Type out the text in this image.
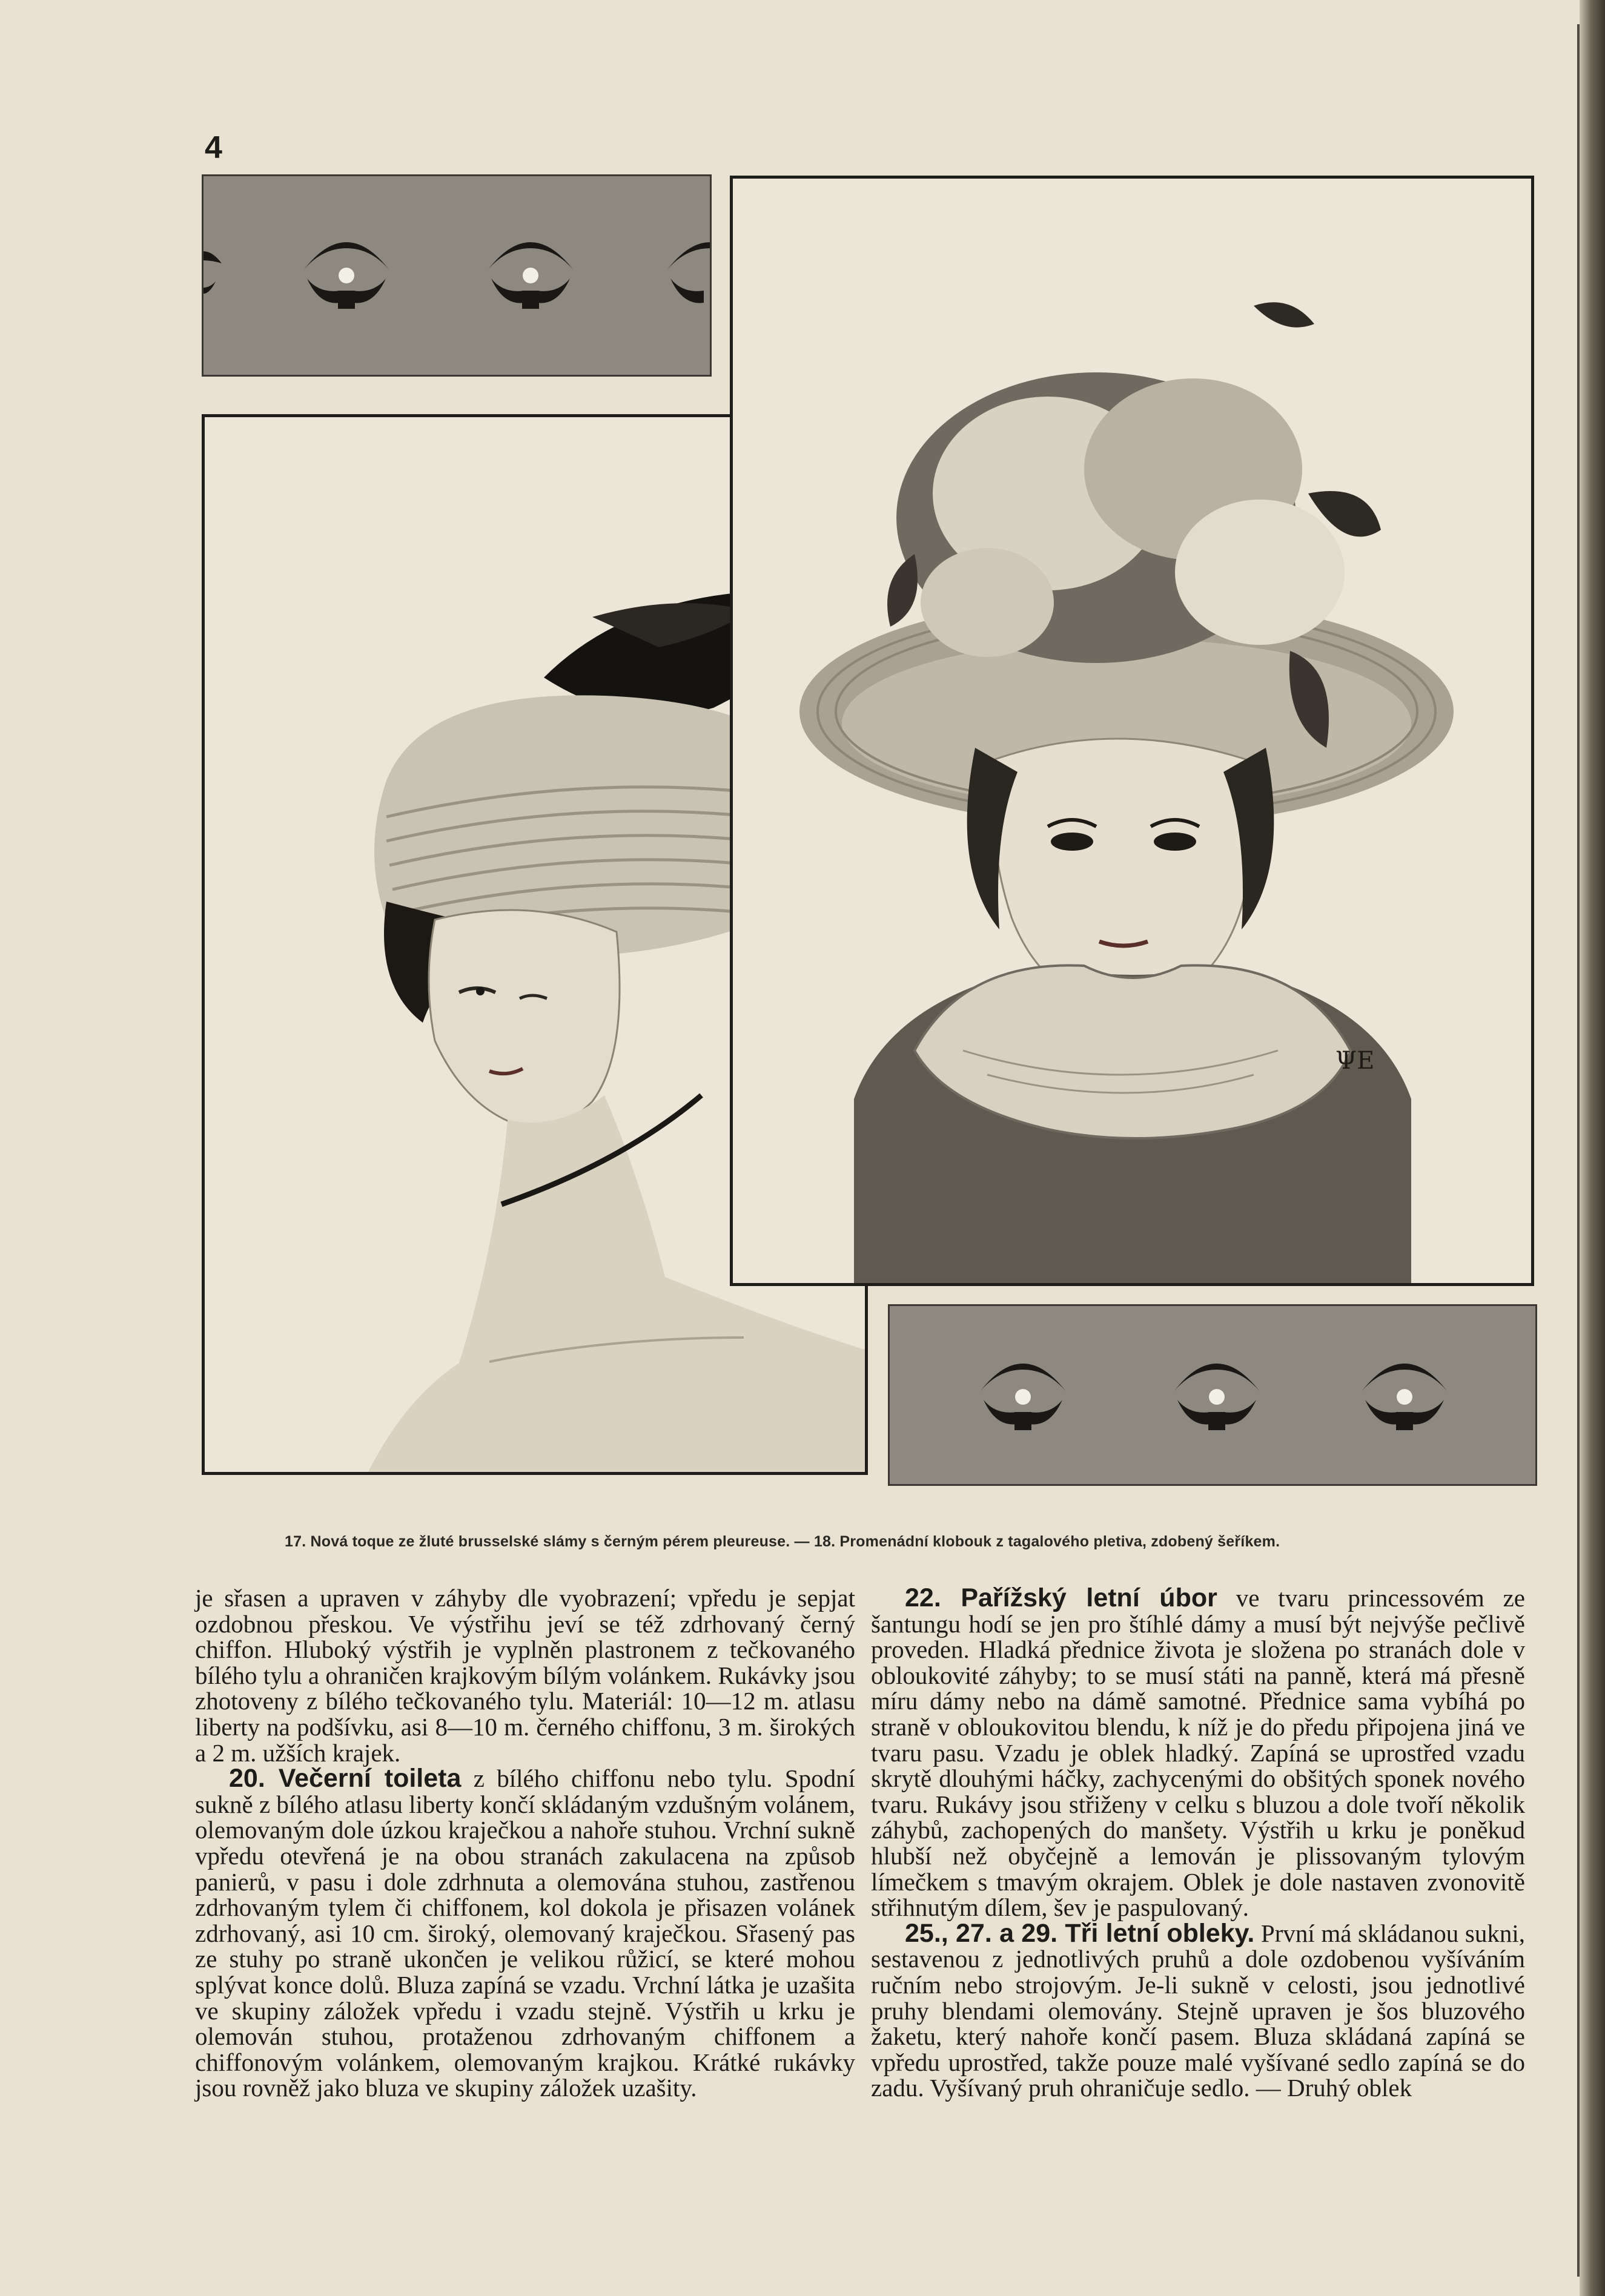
4
ΨE
17. Nová toque ze žluté brusselské slámy s černým pérem pleureuse. — 18. Promenádní klobouk z tagalového pletiva, zdobený šeříkem.

je sřasen a upraven v záhyby dle vyobrazení; vpředu je sepjat ozdobnou přeskou. Ve výstřihu jeví se též zdrhovaný černý chiffon. Hluboký výstřih je vyplněn plastronem z tečkovaného bílého tylu a ohraničen krajkovým bílým volánkem. Rukávky jsou zhotoveny z bílého tečkovaného tylu. Materiál: 10—12 m. atlasu liberty na podšívku, asi 8—10 m. černého chiffonu, 3 m. širokých a 2 m. užších krajek.

20. Večerní toileta z bílého chiffonu nebo tylu. Spodní sukně z bílého atlasu liberty končí skládaným vzdušným volánem, olemovaným dole úzkou kraječkou a nahoře stuhou. Vrchní sukně vpředu otevřená je na obou stranách zakulacena na způsob panierů, v pasu i dole zdrhnuta a olemována stuhou, zastřenou zdrhovaným tylem či chiffonem, kol dokola je přisazen volánek zdrhovaný, asi 10 cm. široký, olemovaný kraječkou. Sřasený pas ze stuhy po straně ukončen je velikou růžicí, se které mohou splývat konce dolů. Bluza zapíná se vzadu. Vrchní látka je uzašita ve skupiny záložek vpředu i vzadu stejně. Výstřih u krku je olemován stuhou, protaženou zdrhovaným chiffonem a chiffonovým volánkem, olemovaným krajkou. Krátké rukávky jsou rovněž jako bluza ve skupiny záložek uzašity.

22. Pařížský letní úbor ve tvaru princessovém ze šantungu hodí se jen pro štíhlé dámy a musí být nejvýše pečlivě proveden. Hladká přednice života je složena po stranách dole v obloukovité záhyby; to se musí státi na panně, která má přesně míru dámy nebo na dámě samotné. Přednice sama vybíhá po straně v obloukovitou blendu, k níž je do předu připojena jiná ve tvaru pasu. Vzadu je oblek hladký. Zapíná se uprostřed vzadu skrytě dlouhými háčky, zachycenými do obšitých sponek nového tvaru. Rukávy jsou střiženy v celku s bluzou a dole tvoří několik záhybů, zachopených do manšety. Výstřih u krku je poněkud hlubší než obyčejně a lemován je plissovaným tylovým límečkem s tmavým okrajem. Oblek je dole nastaven zvonovitě střihnutým dílem, šev je paspulovaný.

25., 27. a 29. Tři letní obleky. První má skládanou sukni, sestavenou z jednotlivých pruhů a dole ozdobenou vyšíváním ručním nebo strojovým. Je-li sukně v celosti, jsou jednotlivé pruhy blendami olemovány. Stejně upraven je šos bluzového žaketu, který nahoře končí pasem. Bluza skládaná zapíná se vpředu uprostřed, takže pouze malé vyšívané sedlo zapíná se do zadu. Vyšívaný pruh ohraničuje sedlo. — Druhý oblek
